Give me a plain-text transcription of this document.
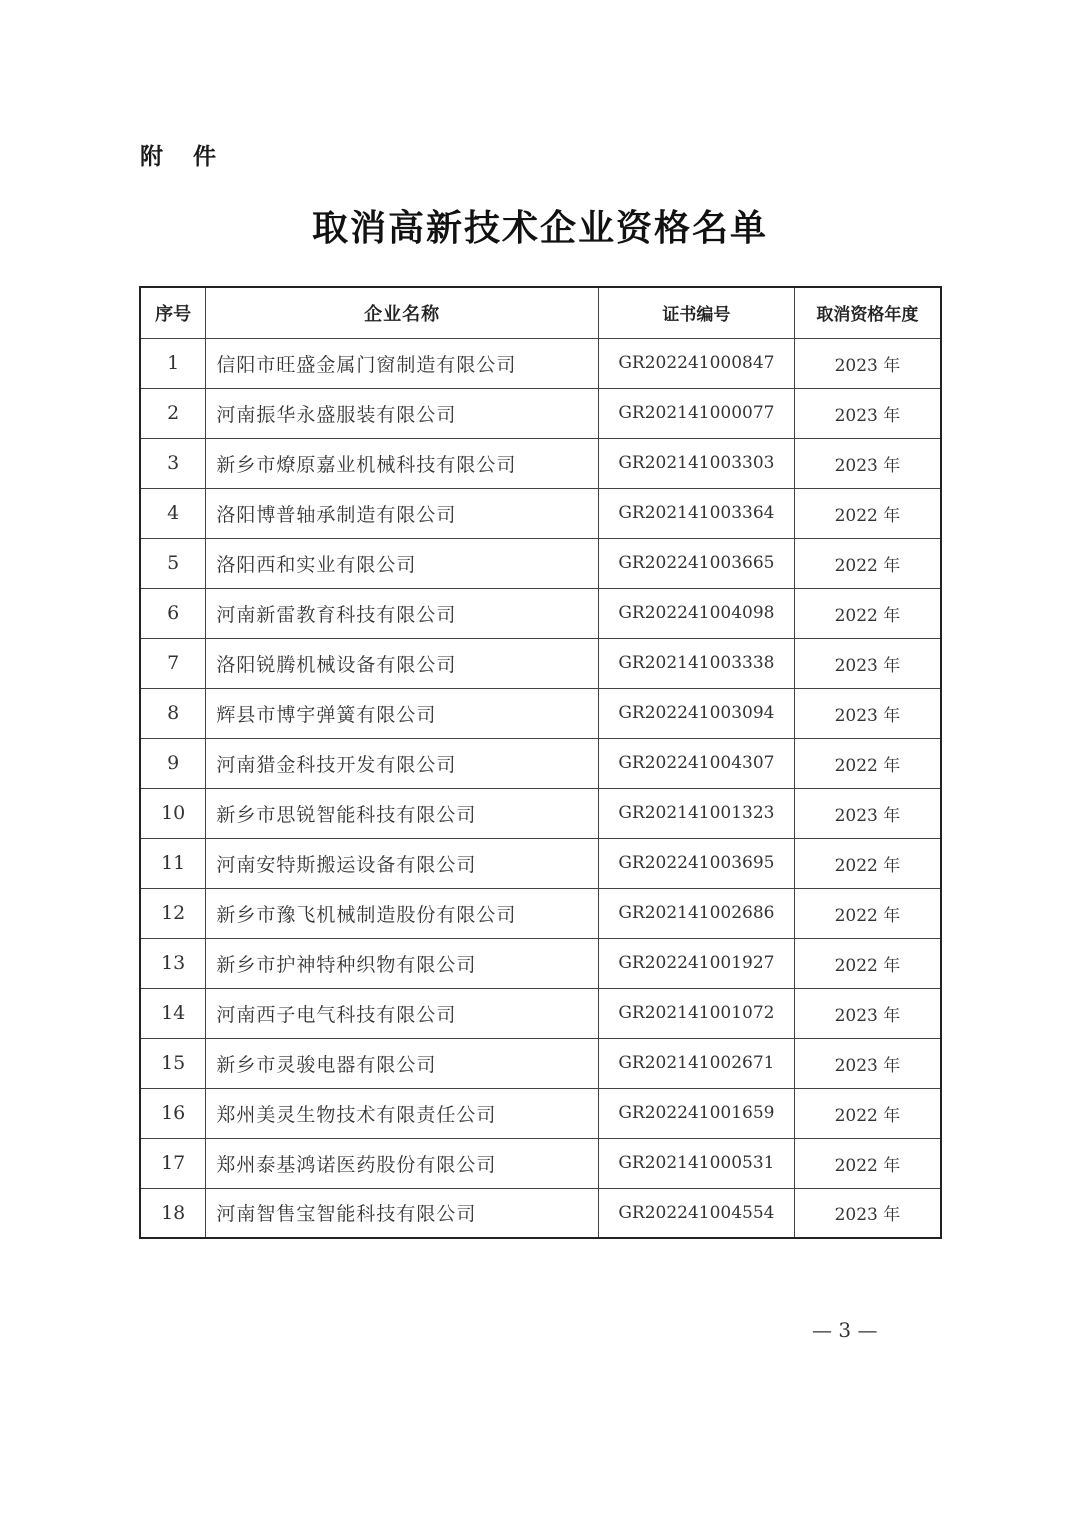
附 件
取消高新技术企业资格名单
序号	企业名称	证书编号	取消资格年度
1	信阳市旺盛金属门窗制造有限公司	GR202241000847	2023 年
2	河南振华永盛服装有限公司	GR202141000077	2023 年
3	新乡市燎原嘉业机械科技有限公司	GR202141003303	2023 年
4	洛阳博普轴承制造有限公司	GR202141003364	2022 年
5	洛阳西和实业有限公司	GR202241003665	2022 年
6	河南新雷教育科技有限公司	GR202241004098	2022 年
7	洛阳锐腾机械设备有限公司	GR202141003338	2023 年
8	辉县市博宇弹簧有限公司	GR202241003094	2023 年
9	河南猎金科技开发有限公司	GR202241004307	2022 年
10	新乡市思锐智能科技有限公司	GR202141001323	2023 年
11	河南安特斯搬运设备有限公司	GR202241003695	2022 年
12	新乡市豫飞机械制造股份有限公司	GR202141002686	2022 年
13	新乡市护神特种织物有限公司	GR202241001927	2022 年
14	河南西子电气科技有限公司	GR202141001072	2023 年
15	新乡市灵骏电器有限公司	GR202141002671	2023 年
16	郑州美灵生物技术有限责任公司	GR202241001659	2022 年
17	郑州泰基鸿诺医药股份有限公司	GR202141000531	2022 年
18	河南智售宝智能科技有限公司	GR202241004554	2023 年
— 3 —
